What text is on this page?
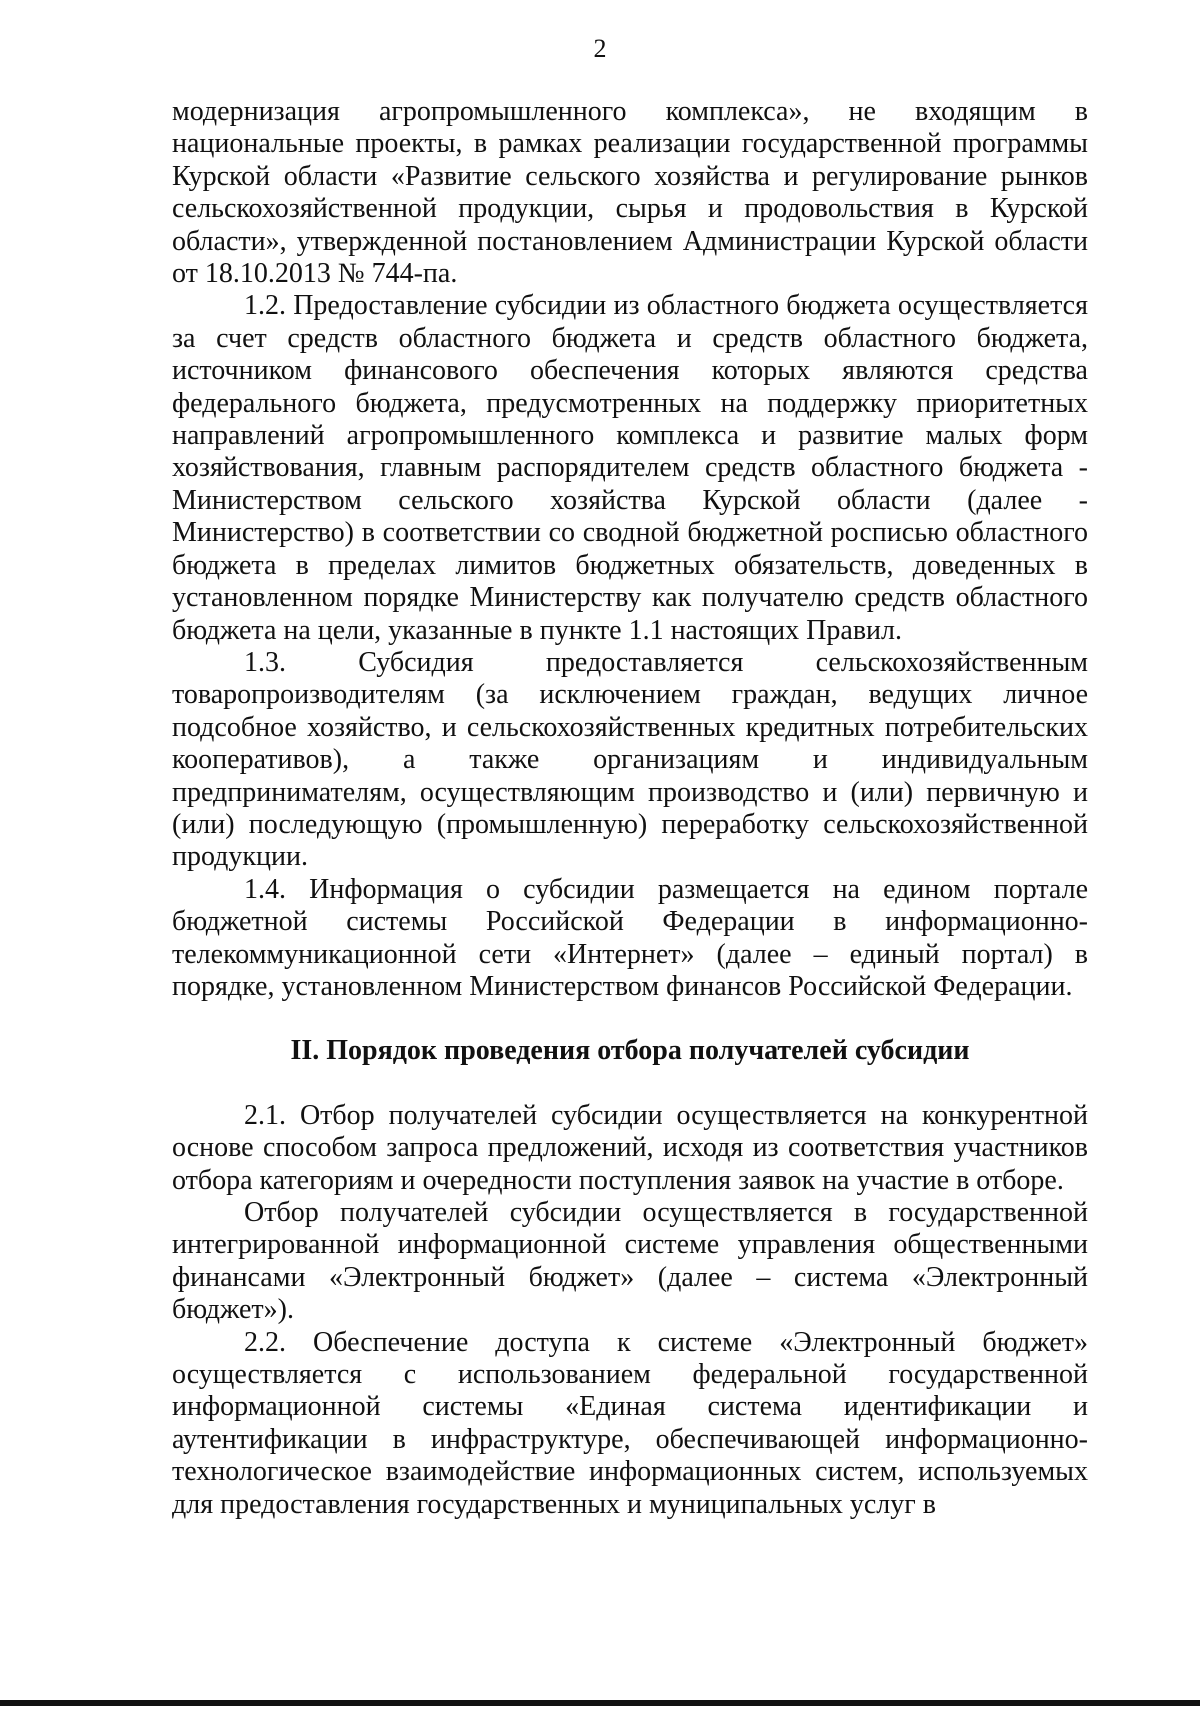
2

модернизация агропромышленного комплекса», не входящим в национальные проекты, в рамках реализации государственной программы Курской области «Развитие сельского хозяйства и регулирование рынков сельскохозяйственной продукции, сырья и продовольствия в Курской области», утвержденной постановлением Администрации Курской области от 18.10.2013 № 744-па.

1.2. Предоставление субсидии из областного бюджета осуществляется за счет средств областного бюджета и средств областного бюджета, источником финансового обеспечения которых являются средства федерального бюджета, предусмотренных на поддержку приоритетных направлений агропромышленного комплекса и развитие малых форм хозяйствования, главным распорядителем средств областного бюджета - Министерством сельского хозяйства Курской области (далее - Министерство) в соответствии со сводной бюджетной росписью областного бюджета в пределах лимитов бюджетных обязательств, доведенных в установленном порядке Министерству как получателю средств областного бюджета на цели, указанные в пункте 1.1 настоящих Правил.

1.3. Субсидия предоставляется сельскохозяйственным товаропроизводителям (за исключением граждан, ведущих личное подсобное хозяйство, и сельскохозяйственных кредитных потребительских кооперативов), а также организациям и индивидуальным предпринимателям, осуществляющим производство и (или) первичную и (или) последующую (промышленную) переработку сельскохозяйственной продукции.

1.4. Информация о субсидии размещается на едином портале бюджетной системы Российской Федерации в информационно-телекоммуникационной сети «Интернет» (далее – единый портал) в порядке, установленном Министерством финансов Российской Федерации.

II. Порядок проведения отбора получателей субсидии

2.1. Отбор получателей субсидии осуществляется на конкурентной основе способом запроса предложений, исходя из соответствия участников отбора категориям и очередности поступления заявок на участие в отборе.

Отбор получателей субсидии осуществляется в государственной интегрированной информационной системе управления общественными финансами «Электронный бюджет» (далее – система «Электронный бюджет»).

2.2. Обеспечение доступа к системе «Электронный бюджет» осуществляется с использованием федеральной государственной информационной системы «Единая система идентификации и аутентификации в инфраструктуре, обеспечивающей информационно-технологическое взаимодействие информационных систем, используемых для предоставления государственных и муниципальных услуг в
